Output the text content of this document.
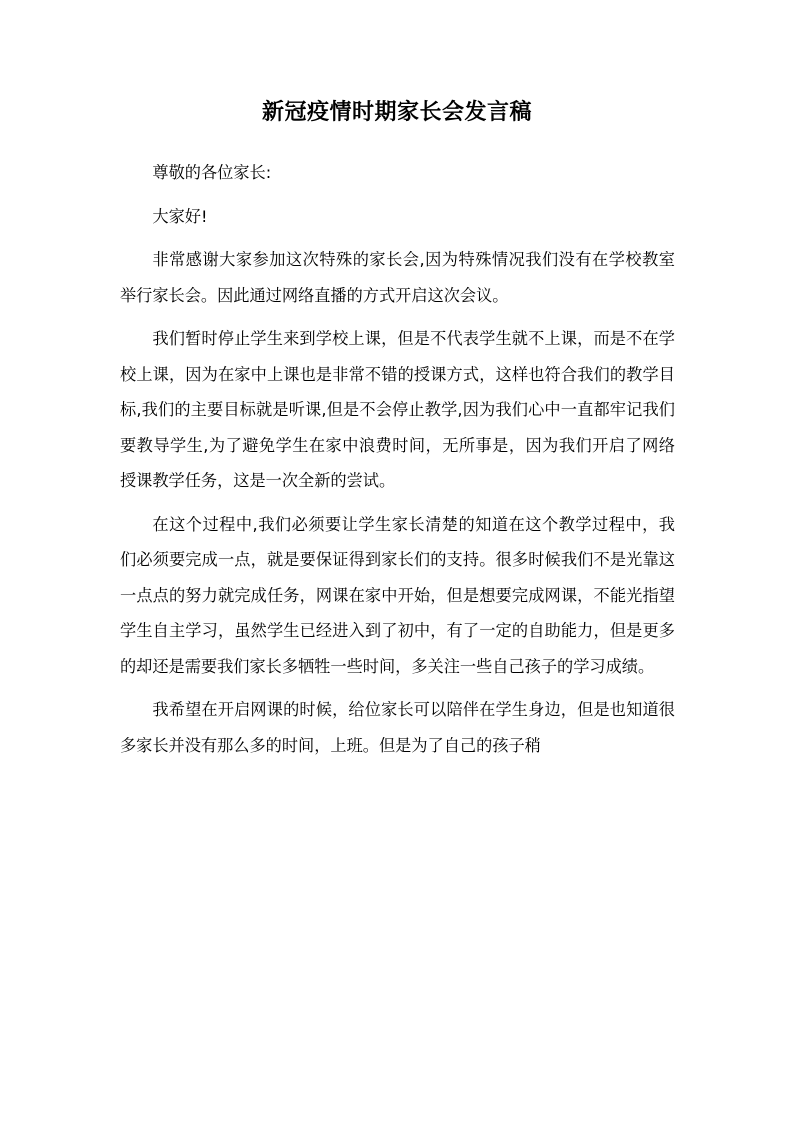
新冠疫情时期家长会发言稿

尊敬的各位家长:

大家好!

非常感谢大家参加这次特殊的家长会,因为特殊情况我们没有在学校教室举行家长会。因此通过网络直播的方式开启这次会议。

我们暂时停止学生来到学校上课，但是不代表学生就不上课，而是不在学校上课，因为在家中上课也是非常不错的授课方式，这样也符合我们的教学目标,我们的主要目标就是听课,但是不会停止教学,因为我们心中一直都牢记我们要教导学生,为了避免学生在家中浪费时间，无所事是，因为我们开启了网络授课教学任务，这是一次全新的尝试。

在这个过程中,我们必须要让学生家长清楚的知道在这个教学过程中，我们必须要完成一点，就是要保证得到家长们的支持。很多时候我们不是光靠这一点点的努力就完成任务，网课在家中开始，但是想要完成网课，不能光指望学生自主学习，虽然学生已经进入到了初中，有了一定的自助能力，但是更多的却还是需要我们家长多牺牲一些时间，多关注一些自己孩子的学习成绩。

我希望在开启网课的时候，给位家长可以陪伴在学生身边，但是也知道很多家长并没有那么多的时间，上班。但是为了自己的孩子稍
